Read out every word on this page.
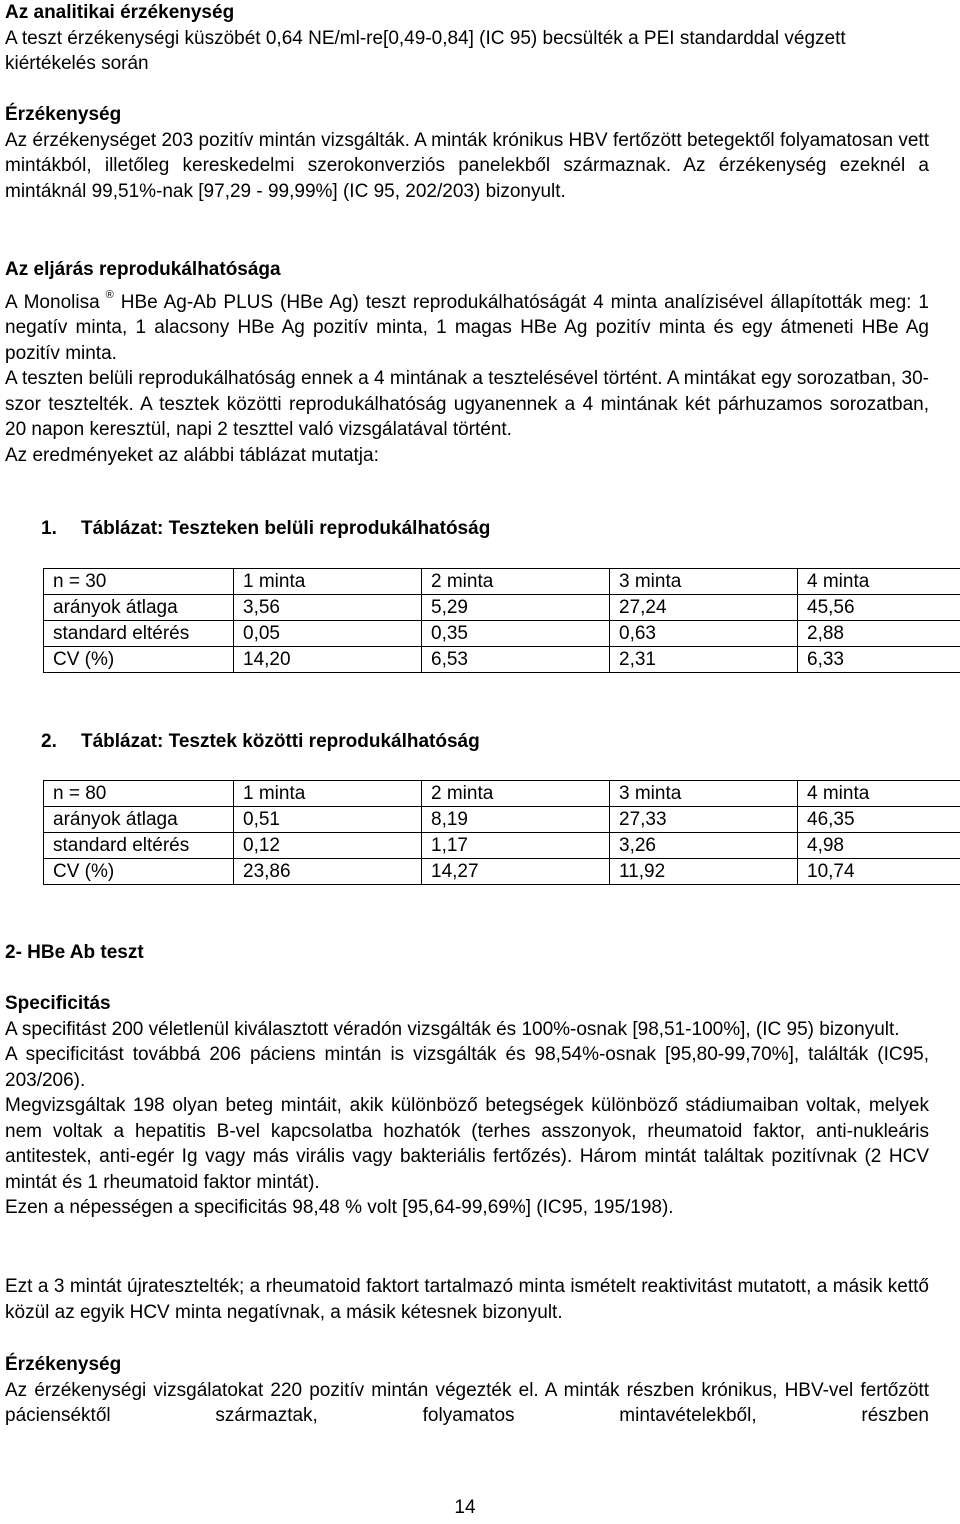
Az analitikai érzékenység

A teszt érzékenységi küszöbét 0,64 NE/ml-re[0,49-0,84] (IC 95) becsülték a PEI standarddal végzett kiértékelés során

Érzékenység

Az érzékenységet 203 pozitív mintán vizsgálták. A minták krónikus HBV fertőzött betegektől folyamatosan vett mintákból, illetőleg kereskedelmi szerokonverziós panelekből származnak. Az érzékenység ezeknél a mintáknál 99,51%-nak [97,29 - 99,99%] (IC 95, 202/203) bizonyult.

Az eljárás reprodukálhatósága

A Monolisa ® HBe Ag-Ab PLUS (HBe Ag) teszt reprodukálhatóságát 4 minta analízisével állapították meg: 1 negatív minta, 1 alacsony HBe Ag pozitív minta, 1 magas HBe Ag pozitív minta és egy átmeneti HBe Ag pozitív minta.

A teszten belüli reprodukálhatóság ennek a 4 mintának a tesztelésével történt. A mintákat egy sorozatban, 30-szor tesztelték. A tesztek közötti reprodukálhatóság ugyanennek a 4 mintának két párhuzamos sorozatban, 20 napon keresztül, napi 2 teszttel való vizsgálatával történt.

Az eredményeket az alábbi táblázat mutatja:

1. Táblázat: Teszteken belüli reprodukálhatóság
n = 30	1 minta	2 minta	3 minta	4 minta
arányok átlaga	3,56	5,29	27,24	45,56
standard eltérés	0,05	0,35	0,63	2,88
CV (%)	14,20	6,53	2,31	6,33
2. Táblázat: Tesztek közötti reprodukálhatóság
n = 80	1 minta	2 minta	3 minta	4 minta
arányok átlaga	0,51	8,19	27,33	46,35
standard eltérés	0,12	1,17	3,26	4,98
CV (%)	23,86	14,27	11,92	10,74
2- HBe Ab teszt
Specificitás

A specifitást 200 véletlenül kiválasztott véradón vizsgálták és 100%-osnak [98,51-100%], (IC 95) bizonyult.

A specificitást továbbá 206 páciens mintán is vizsgálták és 98,54%-osnak [95,80-99,70%], találták (IC95, 203/206).

Megvizsgáltak 198 olyan beteg mintáit, akik különböző betegségek különböző stádiumaiban voltak, melyek nem voltak a hepatitis B-vel kapcsolatba hozhatók (terhes asszonyok, rheumatoid faktor, anti-nukleáris antitestek, anti-egér Ig vagy más virális vagy bakteriális fertőzés). Három mintát találtak pozitívnak (2 HCV mintát és 1 rheumatoid faktor mintát).

Ezen a népességen a specificitás 98,48 % volt [95,64-99,69%] (IC95, 195/198).

Ezt a 3 mintát újratesztelték; a rheumatoid faktort tartalmazó minta ismételt reaktivitást mutatott, a másik kettő közül az egyik HCV minta negatívnak, a másik kétesnek bizonyult.

Érzékenység

Az érzékenységi vizsgálatokat 220 pozitív mintán végezték el. A minták részben krónikus, HBV-vel fertőzött pácienséktől származtak, folyamatos mintavételekből, részben

14
